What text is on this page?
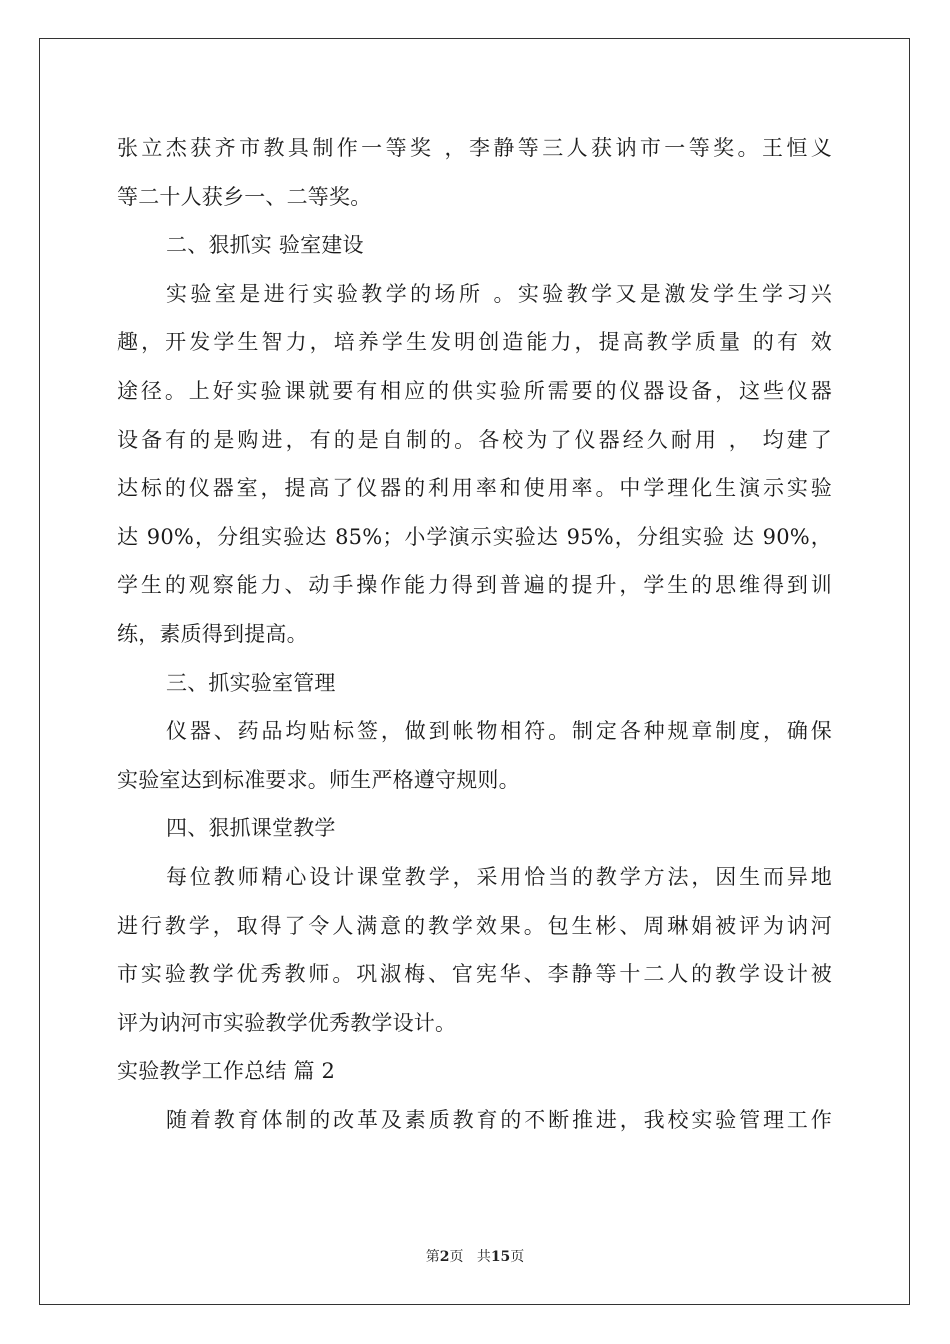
张立杰获齐市教具制作一等奖 ，李静等三人获讷市一等奖。王恒义
等二十人获乡一、二等奖。
二、狠抓实 验室建设
实验室是进行实验教学的场所 。实验教学又是激发学生学习兴
趣，开发学生智力，培养学生发明创造能力，提高教学质量 的有 效
途径。上好实验课就要有相应的供实验所需要的仪器设备，这些仪器
设备有的是购进，有的是自制的。各校为了仪器经久耐用 ， 均建了
达标的仪器室，提高了仪器的利用率和使用率。中学理化生演示实验
达 90%，分组实验达 85%；小学演示实验达 95%，分组实验 达 90%，
学生的观察能力、动手操作能力得到普遍的提升，学生的思维得到训
练，素质得到提高。
三、抓实验室管理
仪器、药品均贴标签，做到帐物相符。制定各种规章制度，确保
实验室达到标准要求。师生严格遵守规则。
四、狠抓课堂教学
每位教师精心设计课堂教学，采用恰当的教学方法，因生而异地
进行教学，取得了令人满意的教学效果。包生彬、周琳娟被评为讷河
市实验教学优秀教师。巩淑梅、官宪华、李静等十二人的教学设计被
评为讷河市实验教学优秀教学设计。
实验教学工作总结 篇 2
随着教育体制的改革及素质教育的不断推进，我校实验管理工作
第2页 共15页
